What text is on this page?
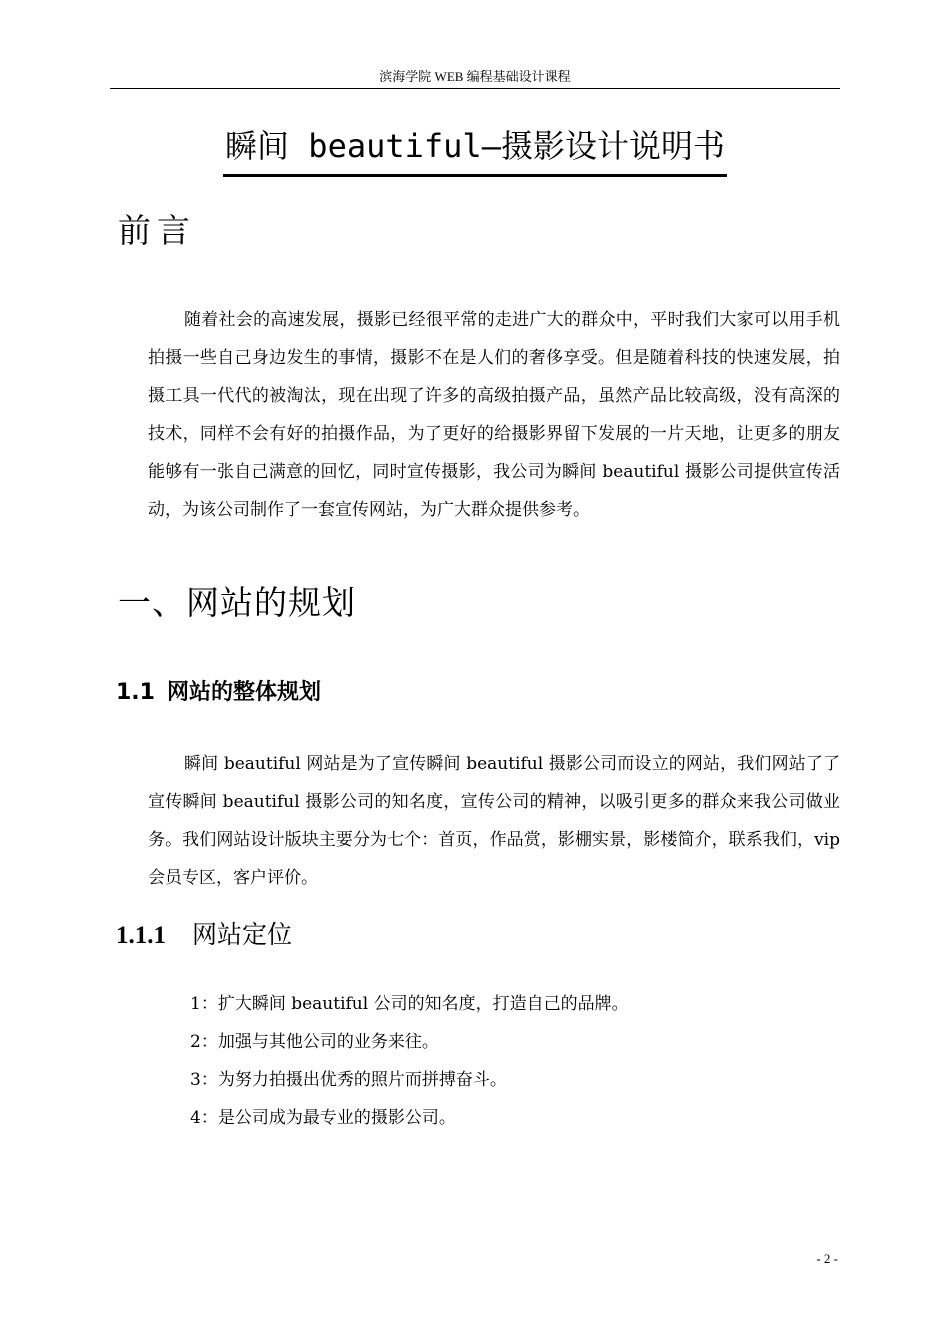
滨海学院 WEB 编程基础设计课程
瞬间 beautiful—摄影设计说明书
前言

随着社会的高速发展，摄影已经很平常的走进广大的群众中，平时我们大家可以用手机拍摄一些自己身边发生的事情，摄影不在是人们的奢侈享受。但是随着科技的快速发展，拍摄工具一代代的被淘汰，现在出现了许多的高级拍摄产品，虽然产品比较高级，没有高深的技术，同样不会有好的拍摄作品，为了更好的给摄影界留下发展的一片天地，让更多的朋友能够有一张自己满意的回忆，同时宣传摄影，我公司为瞬间 beautiful 摄影公司提供宣传活动，为该公司制作了一套宣传网站，为广大群众提供参考。

一、网站的规划
1.1 网站的整体规划

瞬间 beautiful 网站是为了宣传瞬间 beautiful 摄影公司而设立的网站，我们网站了了宣传瞬间 beautiful 摄影公司的知名度，宣传公司的精神，以吸引更多的群众来我公司做业务。我们网站设计版块主要分为七个：首页，作品赏，影棚实景，影楼简介，联系我们，vip 会员专区，客户评价。

1.1.1 网站定位
1：扩大瞬间 beautiful 公司的知名度，打造自己的品牌。
2：加强与其他公司的业务来往。
3：为努力拍摄出优秀的照片而拼搏奋斗。
4：是公司成为最专业的摄影公司。
- 2 -
